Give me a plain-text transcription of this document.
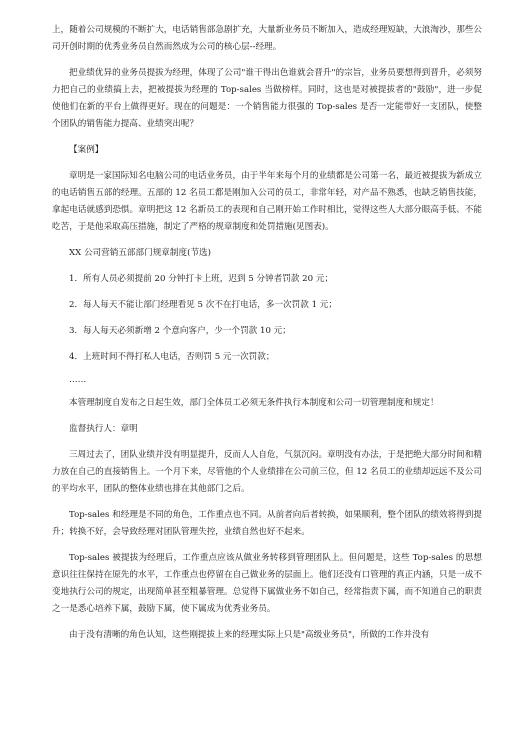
上，随着公司规模的不断扩大，电话销售部急剧扩充，大量新业务员不断加入，造成经理短缺，大浪淘沙，那些公司开创时期的优秀业务员自然而然成为公司的核心层--经理。

把业绩优异的业务员提拔为经理，体现了公司"谁干得出色谁就会晋升"的宗旨，业务员要想得到晋升，必须努力把自己的业绩搞上去，把被提拔为经理的 Top-sales 当做榜样。同时，这也是对被提拔者的"鼓励"，进一步促使他们在新的平台上做得更好。现在的问题是：一个销售能力很强的 Top-sales 是否一定能带好一支团队，使整个团队的销售能力提高、业绩突出呢？

【案例】

章明是一家国际知名电脑公司的电话业务员，由于半年来每个月的业绩都是公司第一名，最近被提拔为新成立的电话销售五部的经理。五部的 12 名员工都是刚加入公司的员工，非常年轻，对产品不熟悉，也缺乏销售技能，拿起电话就感到恐惧。章明把这 12 名新员工的表现和自己刚开始工作时相比，觉得这些人大部分眼高手低、不能吃苦，于是他采取高压措施，制定了严格的规章制度和处罚措施(见图表)。

XX 公司营销五部部门规章制度(节选)

1．所有人员必须提前 20 分钟打卡上班，迟到 5 分钟者罚款 20 元；

2．每人每天不能让部门经理看见 5 次不在打电话，多一次罚款 1 元；

3．每人每天必须新增 2 个意向客户，少一个罚款 10 元；

4．上班时间不得打私人电话，否则罚 5 元一次罚款；

……

本管理制度自发布之日起生效，部门全体员工必须无条件执行本制度和公司一切管理制度和规定！

监督执行人：章明

三周过去了，团队业绩并没有明显提升，反而人人自危，气氛沉闷。章明没有办法，于是把绝大部分时间和精力放在自己的直接销售上。一个月下来，尽管他的个人业绩排在公司前三位，但 12 名员工的业绩却远远不及公司的平均水平，团队的整体业绩也排在其他部门之后。

Top-sales 和经理是不同的角色，工作重点也不同。从前者向后者转换，如果顺利，整个团队的绩效将得到提升；转换不好，会导致经理对团队管理失控，业绩自然也好不起来。

Top-sales 被提拔为经理后，工作重点应该从做业务转移到管理团队上。但问题是，这些 Top-sales 的思想意识往往保持在原先的水平，工作重点也停留在自己做业务的层面上。他们还没有口管理的真正内涵，只是一成不变地执行公司的规定，出现简单甚至粗暴管理。总觉得下属做业务不如自己，经常指责下属，而不知道自己的职责之一是悉心培养下属，鼓励下属，使下属成为优秀业务员。

由于没有清晰的角色认知，这些刚提拔上来的经理实际上只是"高级业务员"，所做的工作并没有
